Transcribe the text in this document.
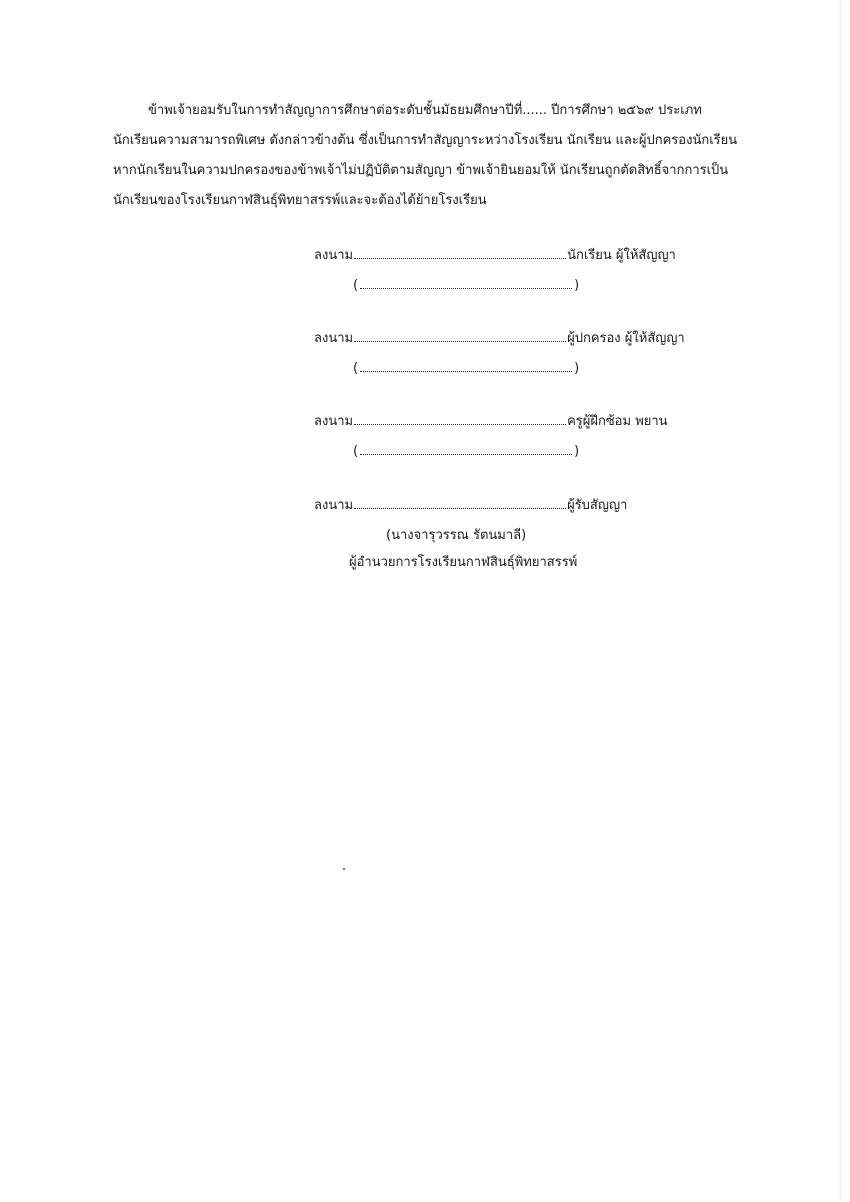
ข้าพเจ้ายอมรับในการทำสัญญาการศึกษาต่อระดับชั้นมัธยมศึกษาปีที่...... ปีการศึกษา ๒๕๖๙ ประเภท
นักเรียนความสามารถพิเศษ ดังกล่าวข้างต้น ซึ่งเป็นการทำสัญญาระหว่างโรงเรียน นักเรียน และผู้ปกครองนักเรียน
หากนักเรียนในความปกครองของข้าพเจ้าไม่ปฏิบัติตามสัญญา ข้าพเจ้ายินยอมให้ นักเรียนถูกตัดสิทธิ์จากการเป็น
นักเรียนของโรงเรียนกาฬสินธุ์พิทยาสรรพ์และจะต้องได้ย้ายโรงเรียน
ลงนาม	นักเรียน ผู้ให้สัญญา
(	)
ลงนาม	ผู้ปกครอง ผู้ให้สัญญา
(	)
ลงนาม	ครูผู้ฝึกซ้อม พยาน
(	)
ลงนาม	ผู้รับสัญญา
(นางจารุวรรณ รัตนมาลี)
ผู้อำนวยการโรงเรียนกาฬสินธุ์พิทยาสรรพ์
